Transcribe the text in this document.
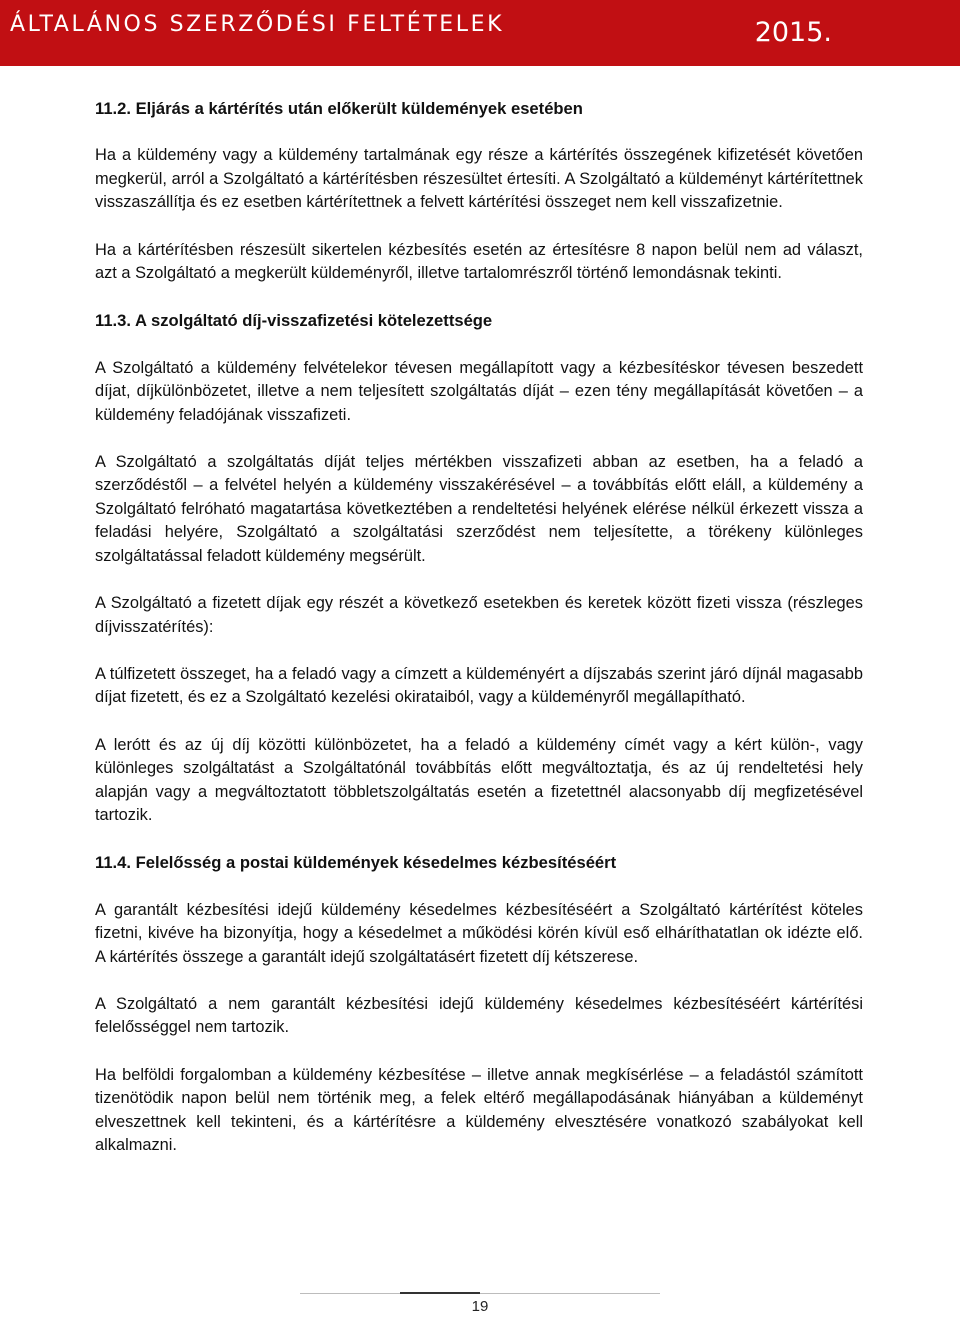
ÁLTALÁNOS SZERZŐDÉSI FELTÉTELEK	2015.
11.2. Eljárás a kártérítés után előkerült küldemények esetében

Ha a küldemény vagy a küldemény tartalmának egy része a kártérítés összegének kifizetését követően megkerül, arról a Szolgáltató a kártérítésben részesültet értesíti. A Szolgáltató a küldeményt kártérítettnek visszaszállítja és ez esetben kártérítettnek a felvett kártérítési összeget nem kell visszafizetnie.

Ha a kártérítésben részesült sikertelen kézbesítés esetén az értesítésre 8 napon belül nem ad választ, azt a Szolgáltató a megkerült küldeményről, illetve tartalomrészről történő lemondásnak tekinti.

11.3. A szolgáltató díj-visszafizetési kötelezettsége

A Szolgáltató a küldemény felvételekor tévesen megállapított vagy a kézbesítéskor tévesen beszedett díjat, díjkülönbözetet, illetve a nem teljesített szolgáltatás díját – ezen tény megállapítását követően – a küldemény feladójának visszafizeti.

A Szolgáltató a szolgáltatás díját teljes mértékben visszafizeti abban az esetben, ha a feladó a szerződéstől – a felvétel helyén a küldemény visszakérésével – a továbbítás előtt eláll, a küldemény a Szolgáltató felróható magatartása következtében a rendeltetési helyének elérése nélkül érkezett vissza a feladási helyére, Szolgáltató a szolgáltatási szerződést nem teljesítette, a törékeny különleges szolgáltatással feladott küldemény megsérült.

A Szolgáltató a fizetett díjak egy részét a következő esetekben és keretek között fizeti vissza (részleges díjvisszatérítés):

A túlfizetett összeget, ha a feladó vagy a címzett a küldeményért a díjszabás szerint járó díjnál magasabb díjat fizetett, és ez a Szolgáltató kezelési okirataiból, vagy a küldeményről megállapítható.

A lerótt és az új díj közötti különbözetet, ha a feladó a küldemény címét vagy a kért külön-, vagy különleges szolgáltatást a Szolgáltatónál továbbítás előtt megváltoztatja, és az új rendeltetési hely alapján vagy a megváltoztatott többletszolgáltatás esetén a fizetettnél alacsonyabb díj megfizetésével tartozik.

11.4. Felelősség a postai küldemények késedelmes kézbesítéséért

A garantált kézbesítési idejű küldemény késedelmes kézbesítéséért a Szolgáltató kártérítést köteles fizetni, kivéve ha bizonyítja, hogy a késedelmet a működési körén kívül eső elháríthatatlan ok idézte elő. A kártérítés összege a garantált idejű szolgáltatásért fizetett díj kétszerese.

A Szolgáltató a nem garantált kézbesítési idejű küldemény késedelmes kézbesítéséért kártérítési felelősséggel nem tartozik.

Ha belföldi forgalomban a küldemény kézbesítése – illetve annak megkísérlése – a feladástól számított tizenötödik napon belül nem történik meg, a felek eltérő megállapodásának hiányában a küldeményt elveszettnek kell tekinteni, és a kártérítésre a küldemény elvesztésére vonatkozó szabályokat kell alkalmazni.

19
